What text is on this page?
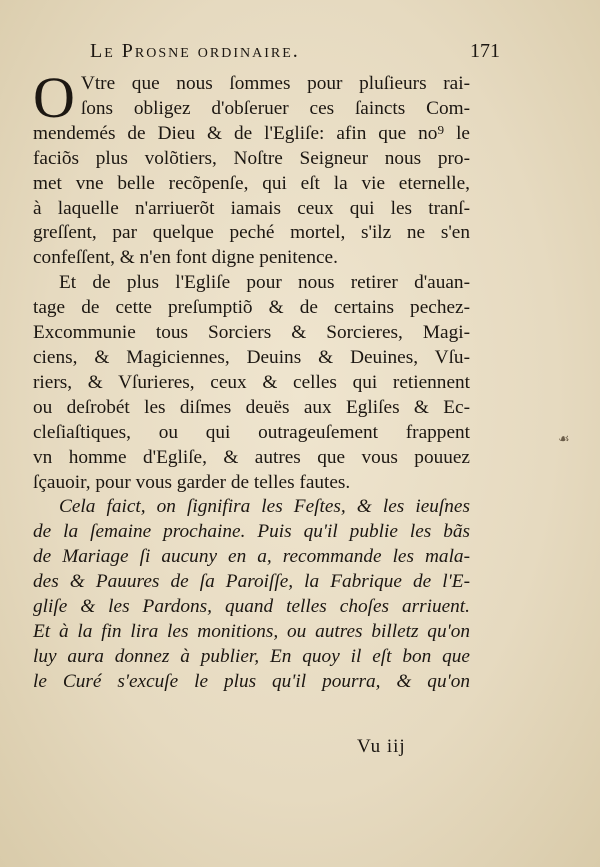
Le Prosne ordinaire.	171
O Vtre que nous ſommes pour pluſieurs rai-
ſons obligez d'obſeruer ces ſaincts Com-
mendemés de Dieu & de l'Egliſe: afin que no⁹ le
faciõs plus volõtiers, Noſtre Seigneur nous pro-
met vne belle recõpenſe, qui eſt la vie eternelle,
à laquelle n'arriuerõt iamais ceux qui les tranſ-
greſſent, par quelque peché mortel, s'ilz ne s'en
confeſſent, & n'en font digne penitence.
Et de plus l'Egliſe pour nous retirer d'auan-
tage de cette preſumptiõ & de certains pechez-
Excommunie tous Sorciers & Sorcieres, Magi-
ciens, & Magiciennes, Deuins & Deuines, Vſu-
riers, & Vſurieres, ceux & celles qui retiennent
ou deſrobét les diſmes deuës aux Egliſes & Ec-
cleſiaſtiques, ou qui outrageuſement frappent
vn homme d'Egliſe, & autres que vous pouuez
ſçauoir, pour vous garder de telles fautes.
Cela faict, on ſignifira les Feſtes, & les ieuſnes
de la ſemaine prochaine. Puis qu'il publie les bãs
de Mariage ſi aucuny en a, recommande les mala-
des & Pauures de ſa Paroiſſe, la Fabrique de l'E-
gliſe & les Pardons, quand telles choſes arriuent.
Et à la fin lira les monitions, ou autres billetz qu'on
luy aura donnez à publier, En quoy il eſt bon que
le Curé s'excuſe le plus qu'il pourra, & qu'on
Vu iij
☙
